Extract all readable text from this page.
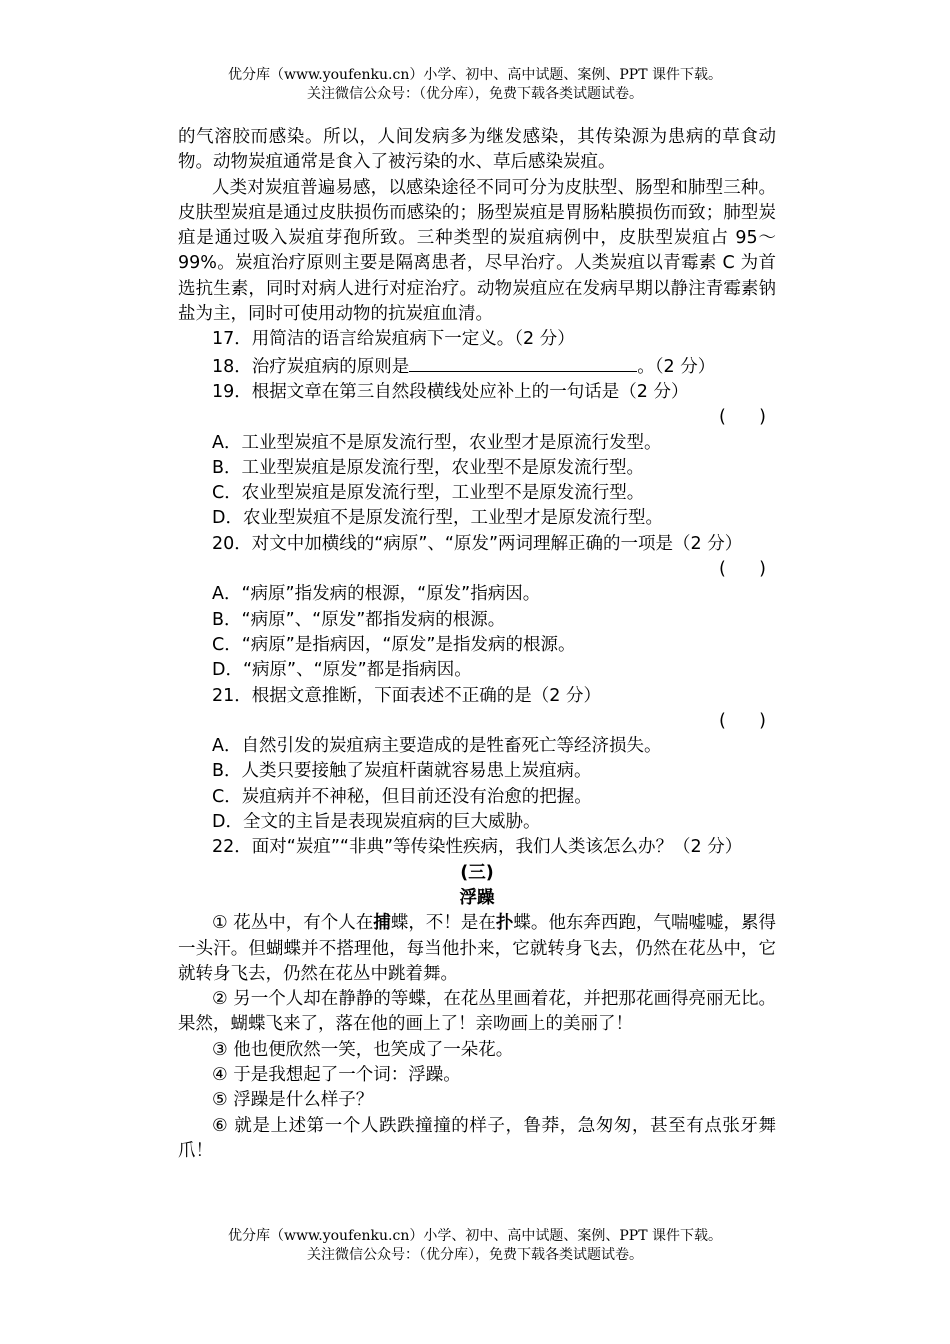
优分库（www.youfenku.cn）小学、初中、高中试题、案例、PPT 课件下载。
关注微信公众号：（优分库），免费下载各类试题试卷。

的气溶胶而感染。所以，人间发病多为继发感染，其传染源为患病的草食动物。动物炭疽通常是食入了被污染的水、草后感染炭疽。

人类对炭疽普遍易感，以感染途径不同可分为皮肤型、肠型和肺型三种。皮肤型炭疽是通过皮肤损伤而感染的；肠型炭疽是胃肠粘膜损伤而致；肺型炭疽是通过吸入炭疽芽孢所致。三种类型的炭疽病例中，皮肤型炭疽占 95～99%。炭疽治疗原则主要是隔离患者，尽早治疗。人类炭疽以青霉素 C 为首选抗生素，同时对病人进行对症治疗。动物炭疽应在发病早期以静注青霉素钠盐为主，同时可使用动物的抗炭疽血清。

17．用简洁的语言给炭疽病下一定义。（2 分）

18．治疗炭疽病的原则是	。（2 分）

19．根据文章在第三自然段横线处应补上的一句话是（2 分）

(      )

A．工业型炭疽不是原发流行型，农业型才是原流行发型。

B．工业型炭疽是原发流行型，农业型不是原发流行型。

C．农业型炭疽是原发流行型，工业型不是原发流行型。

D．农业型炭疽不是原发流行型，工业型才是原发流行型。

20．对文中加横线的“病原”、“原发”两词理解正确的一项是（2 分）

(      )

A．“病原”指发病的根源，“原发”指病因。

B．“病原”、“原发”都指发病的根源。

C．“病原”是指病因，“原发”是指发病的根源。

D．“病原”、“原发”都是指病因。

21．根据文意推断，下面表述不正确的是（2 分）

(      )

A．自然引发的炭疽病主要造成的是牲畜死亡等经济损失。

B．人类只要接触了炭疽杆菌就容易患上炭疽病。

C．炭疽病并不神秘，但目前还没有治愈的把握。

D．全文的主旨是表现炭疽病的巨大威胁。

22．面对“炭疽”“非典”等传染性疾病，我们人类该怎么办？（2 分）

(三)

浮躁

① 花丛中，有个人在捕蝶，不！是在扑蝶。他东奔西跑，气喘嘘嘘，累得一头汗。但蝴蝶并不搭理他，每当他扑来，它就转身飞去，仍然在花丛中，它就转身飞去，仍然在花丛中跳着舞。

② 另一个人却在静静的等蝶，在花丛里画着花，并把那花画得亮丽无比。果然，蝴蝶飞来了，落在他的画上了！亲吻画上的美丽了！

③ 他也便欣然一笑，也笑成了一朵花。

④ 于是我想起了一个词：浮躁。

⑤ 浮躁是什么样子？

⑥ 就是上述第一个人跌跌撞撞的样子，鲁莽，急匆匆，甚至有点张牙舞爪！

优分库（www.youfenku.cn）小学、初中、高中试题、案例、PPT 课件下载。
关注微信公众号：（优分库），免费下载各类试题试卷。
